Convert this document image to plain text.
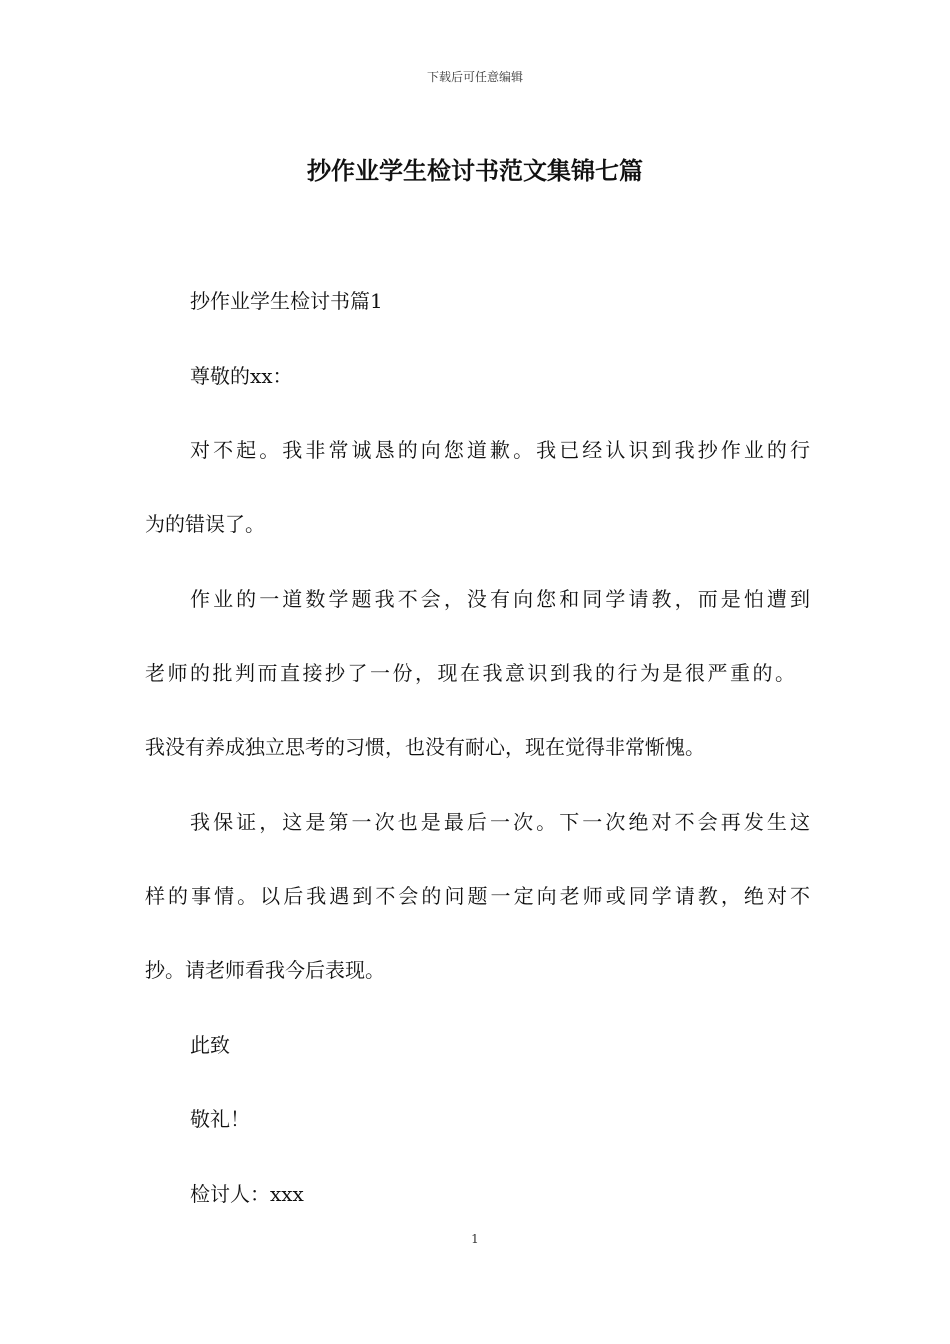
下载后可任意编辑
抄作业学生检讨书范文集锦七篇
抄作业学生检讨书篇1
尊敬的xx：
对不起。我非常诚恳的向您道歉。我已经认识到我抄作业的行
为的错误了。
作业的一道数学题我不会，没有向您和同学请教，而是怕遭到
老师的批判而直接抄了一份，现在我意识到我的行为是很严重的。
我没有养成独立思考的习惯，也没有耐心，现在觉得非常惭愧。
我保证，这是第一次也是最后一次。下一次绝对不会再发生这
样的事情。以后我遇到不会的问题一定向老师或同学请教，绝对不
抄。请老师看我今后表现。
此致
敬礼！
检讨人：xxx
1
